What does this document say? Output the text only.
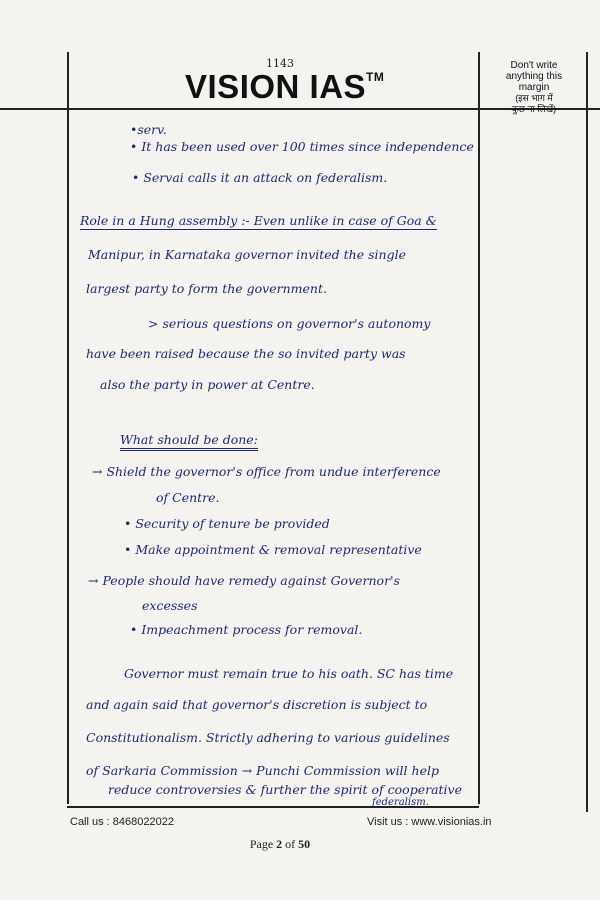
1143
VISION IAS™
Don't write
anything this
margin
(इस भाग में
कुछ ना लिखें)
•serv.
• It has been used over 100 times since independence
• Servai calls it an attack on federalism.
Role in a Hung assembly :- Even unlike in case of Goa &
Manipur, in Karnataka governor invited the single
largest party to form the government.
> serious questions on governor's autonomy
have been raised because the so invited party was
also the party in power at Centre.
What should be done:
→ Shield the governor's office from undue interference
of Centre.
• Security of tenure be provided
• Make appointment & removal representative
→ People should have remedy against Governor's
excesses
• Impeachment process for removal.
Governor must remain true to his oath. SC has time
and again said that governor's discretion is subject to
Constitutionalism. Strictly adhering to various guidelines
of Sarkaria Commission → Punchi Commission will help
reduce controversies & further the spirit of cooperative
federalism.
Call us : 8468022022	Visit us : www.visionias.in
Page 2 of 50
